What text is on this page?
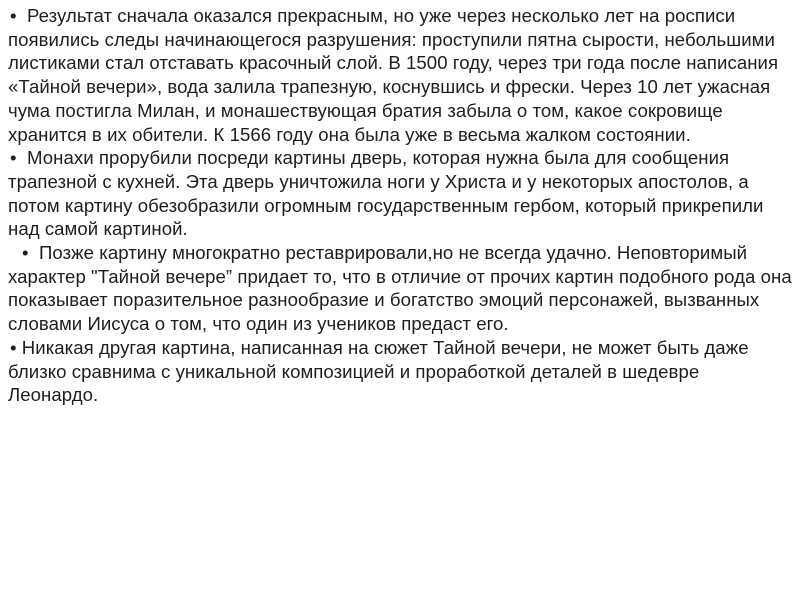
• Результат сначала оказался прекрасным, но уже через несколько лет на росписи появились следы начинающегося разрушения: проступили пятна сырости, небольшими листиками стал отставать красочный слой. В 1500 году, через три года после написания «Тайной вечери», вода залила трапезную, коснувшись и фрески. Через 10 лет ужасная чума постигла Милан, и монашествующая братия забыла о том, какое сокровище хранится в их обители. К 1566 году она была уже в весьма жалком состоянии.

• Монахи прорубили посреди картины дверь, которая нужна была для сообщения трапезной с кухней. Эта дверь уничтожила ноги у Христа и у некоторых апостолов, а потом картину обезобразили огромным государственным гербом, который прикрепили над самой картиной.

• Позже картину многократно реставрировали,но не всегда удачно. Неповторимый характер "Тайной вечере” придает то, что в отличие от прочих картин подобного рода она показывает поразительное разнообразие и богатство эмоций персонажей, вызванных словами Иисуса о том, что один из учеников предаст его.

• Никакая другая картина, написанная на сюжет Тайной вечери, не может быть даже близко сравнима с уникальной композицией и проработкой деталей в шедевре Леонардо.
